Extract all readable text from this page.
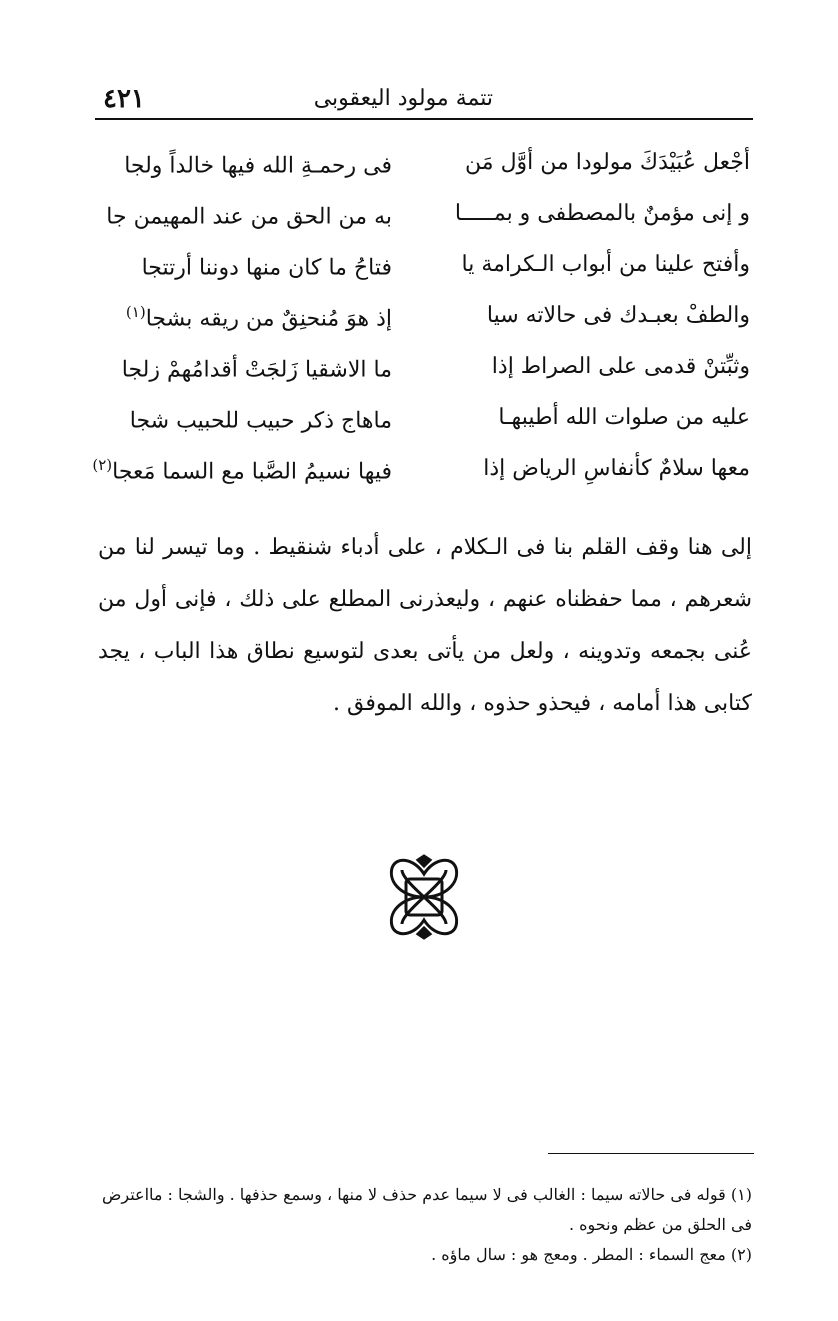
تتمة مولود اليعقوبى
٤٢١
أجْعل عُبَيْدَكَ مولودا من أوَّل مَن
فى رحمـةِ الله فيها خالداً ولجا
و إنى مؤمنٌ بالمصطفى و بمـــــا
به من الحق من عند المهيمن جا
وأفتح علينا من أبواب الـكرامة يا
فتاحُ ما كان منها دوننا أرتتجا
والطفْ بعبـدك فى حالاته سيا
إذ هوَ مُنحنِقٌ من ريقه بشجا$^{(١)}$
وثبِّتنْ قدمى على الصراط إذا
ما الاشقيا زَلجَتْ أقدامُهمْ زلجا
عليه من صلوات الله أطيبهـا
ماهاج ذكر حبيب للحبيب شجا
معها سلامٌ كأنفاسِ الرياض إذا
فيها نسيمُ الصَّبا مع السما مَعجا$^{(٢)}$

إلى هنا وقف القلم بنا فى الـكلام ، على أدباء شنقيط . وما تيسر لنا من شعرهم ، مما حفظناه عنهم ، وليعذرنى المطلع على ذلك ، فإنى أول من عُنى بجمعه وتدوينه ، ولعل من يأتى بعدى لتوسيع نطاق هذا الباب ، يجد كتابى هذا أمامه ، فيحذو حذوه ، والله الموفق .

(١) قوله فى حالاته سيما : الغالب فى لا سيما عدم حذف لا منها ، وسمع حذفها . والشجا : مااعترض فى الحلق من عظم ونحوه .

(٢) معج السماء : المطر . ومعج هو : سال ماؤه .
